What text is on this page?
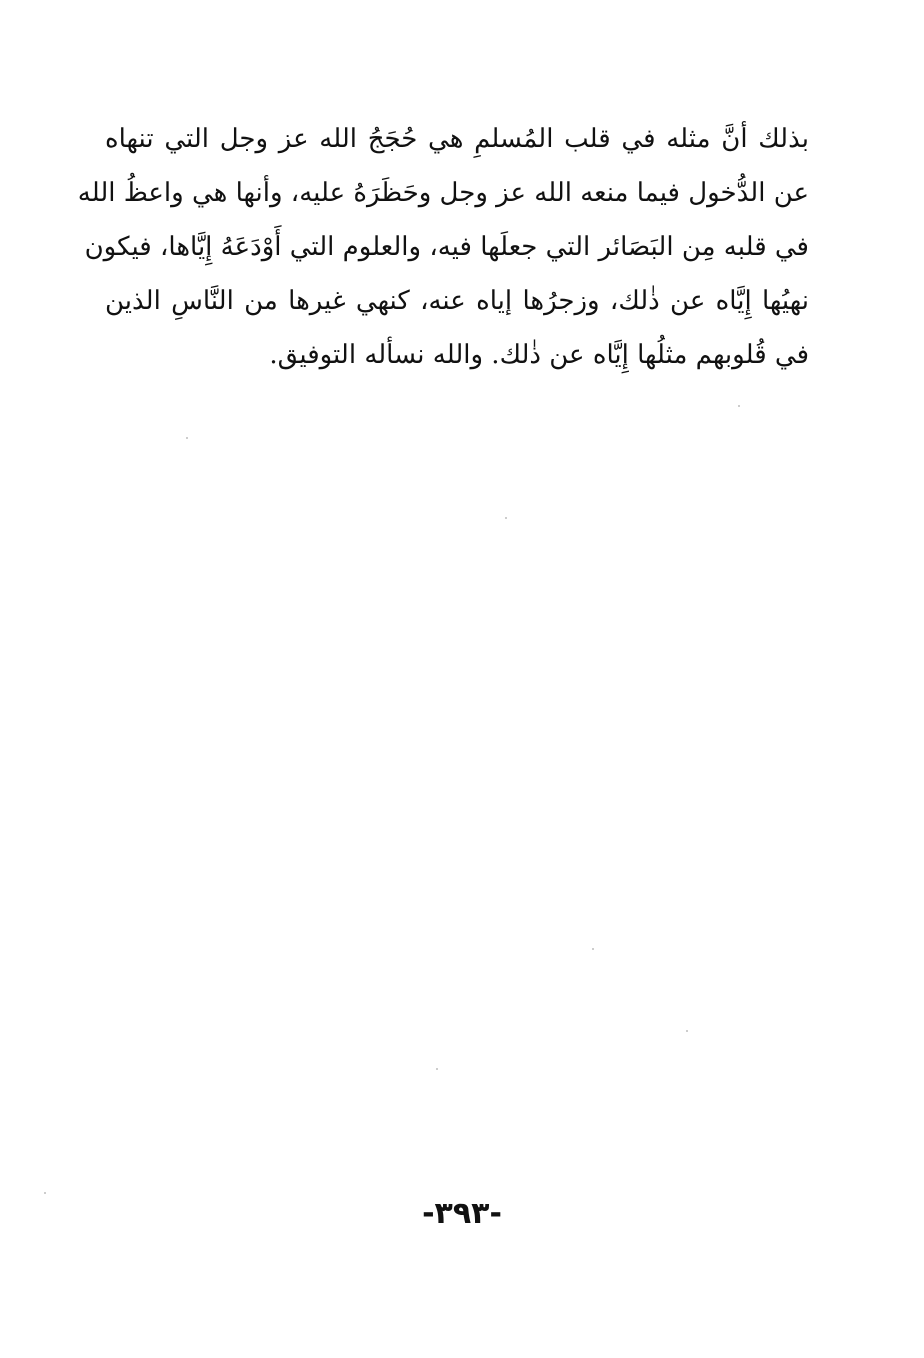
بذلك أنَّ مثله في قلب المُسلمِ هي حُجَجُ الله عز وجل التي تنهاه
عن الدُّخول فيما منعه الله عز وجل وحَظَرَهُ عليه، وأنها هي واعظُ الله
في قلبه مِن البَصَائر التي جعلَها فيه، والعلوم التي أَوْدَعَهُ إِيَّاها، فيكون
نهيُها إِيَّاه عن ذٰلك، وزجرُها إياه عنه، كنهي غيرها من النَّاسِ الذين
في قُلوبهم مثلُها إِيَّاه عن ذٰلك. والله نسأله التوفيق.
-٣٩٣-
